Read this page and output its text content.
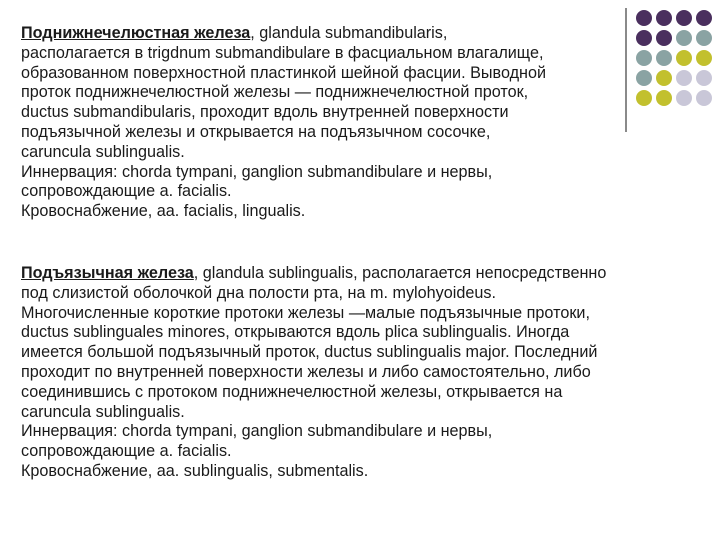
Поднижнечелюстная железа, glandula submandibularis,
располагается в trigdnum submandibulare в фасциальном влагалище,
образованном поверхностной пластинкой шейной фасции. Выводной
проток поднижнечелюстной железы — поднижнечелюстной проток,
ductus submandibularis, проходит вдоль внутренней поверхности
подъязычной железы и открывается на подъязычном сосочке,
caruncula sublingualis.
Иннервация: chorda tympani, ganglion submandibulare и нервы,
сопровождающие a. facialis.
Кровоснабжение, аа. facialis, lingualis.
Подъязычная железа, glandula sublingualis, располагается непосредственно
под слизистой оболочкой дна полости рта, на m. mylohyoideus.
Многочисленные короткие протоки железы —малые подъязычные протоки,
ductus sublinguales minores, открываются вдоль plica sublingualis. Иногда
имеется большой подъязычный проток, ductus sublingualis major. Последний
проходит по внутренней поверхности железы и либо самостоятельно, либо
соединившись с протоком поднижнечелюстной железы, открывается на
caruncula sublingualis.
Иннервация: chorda tympani, ganglion submandibulare и нервы,
сопровождающие a. facialis.
Кровоснабжение, аа. sublingualis, submentalis.
